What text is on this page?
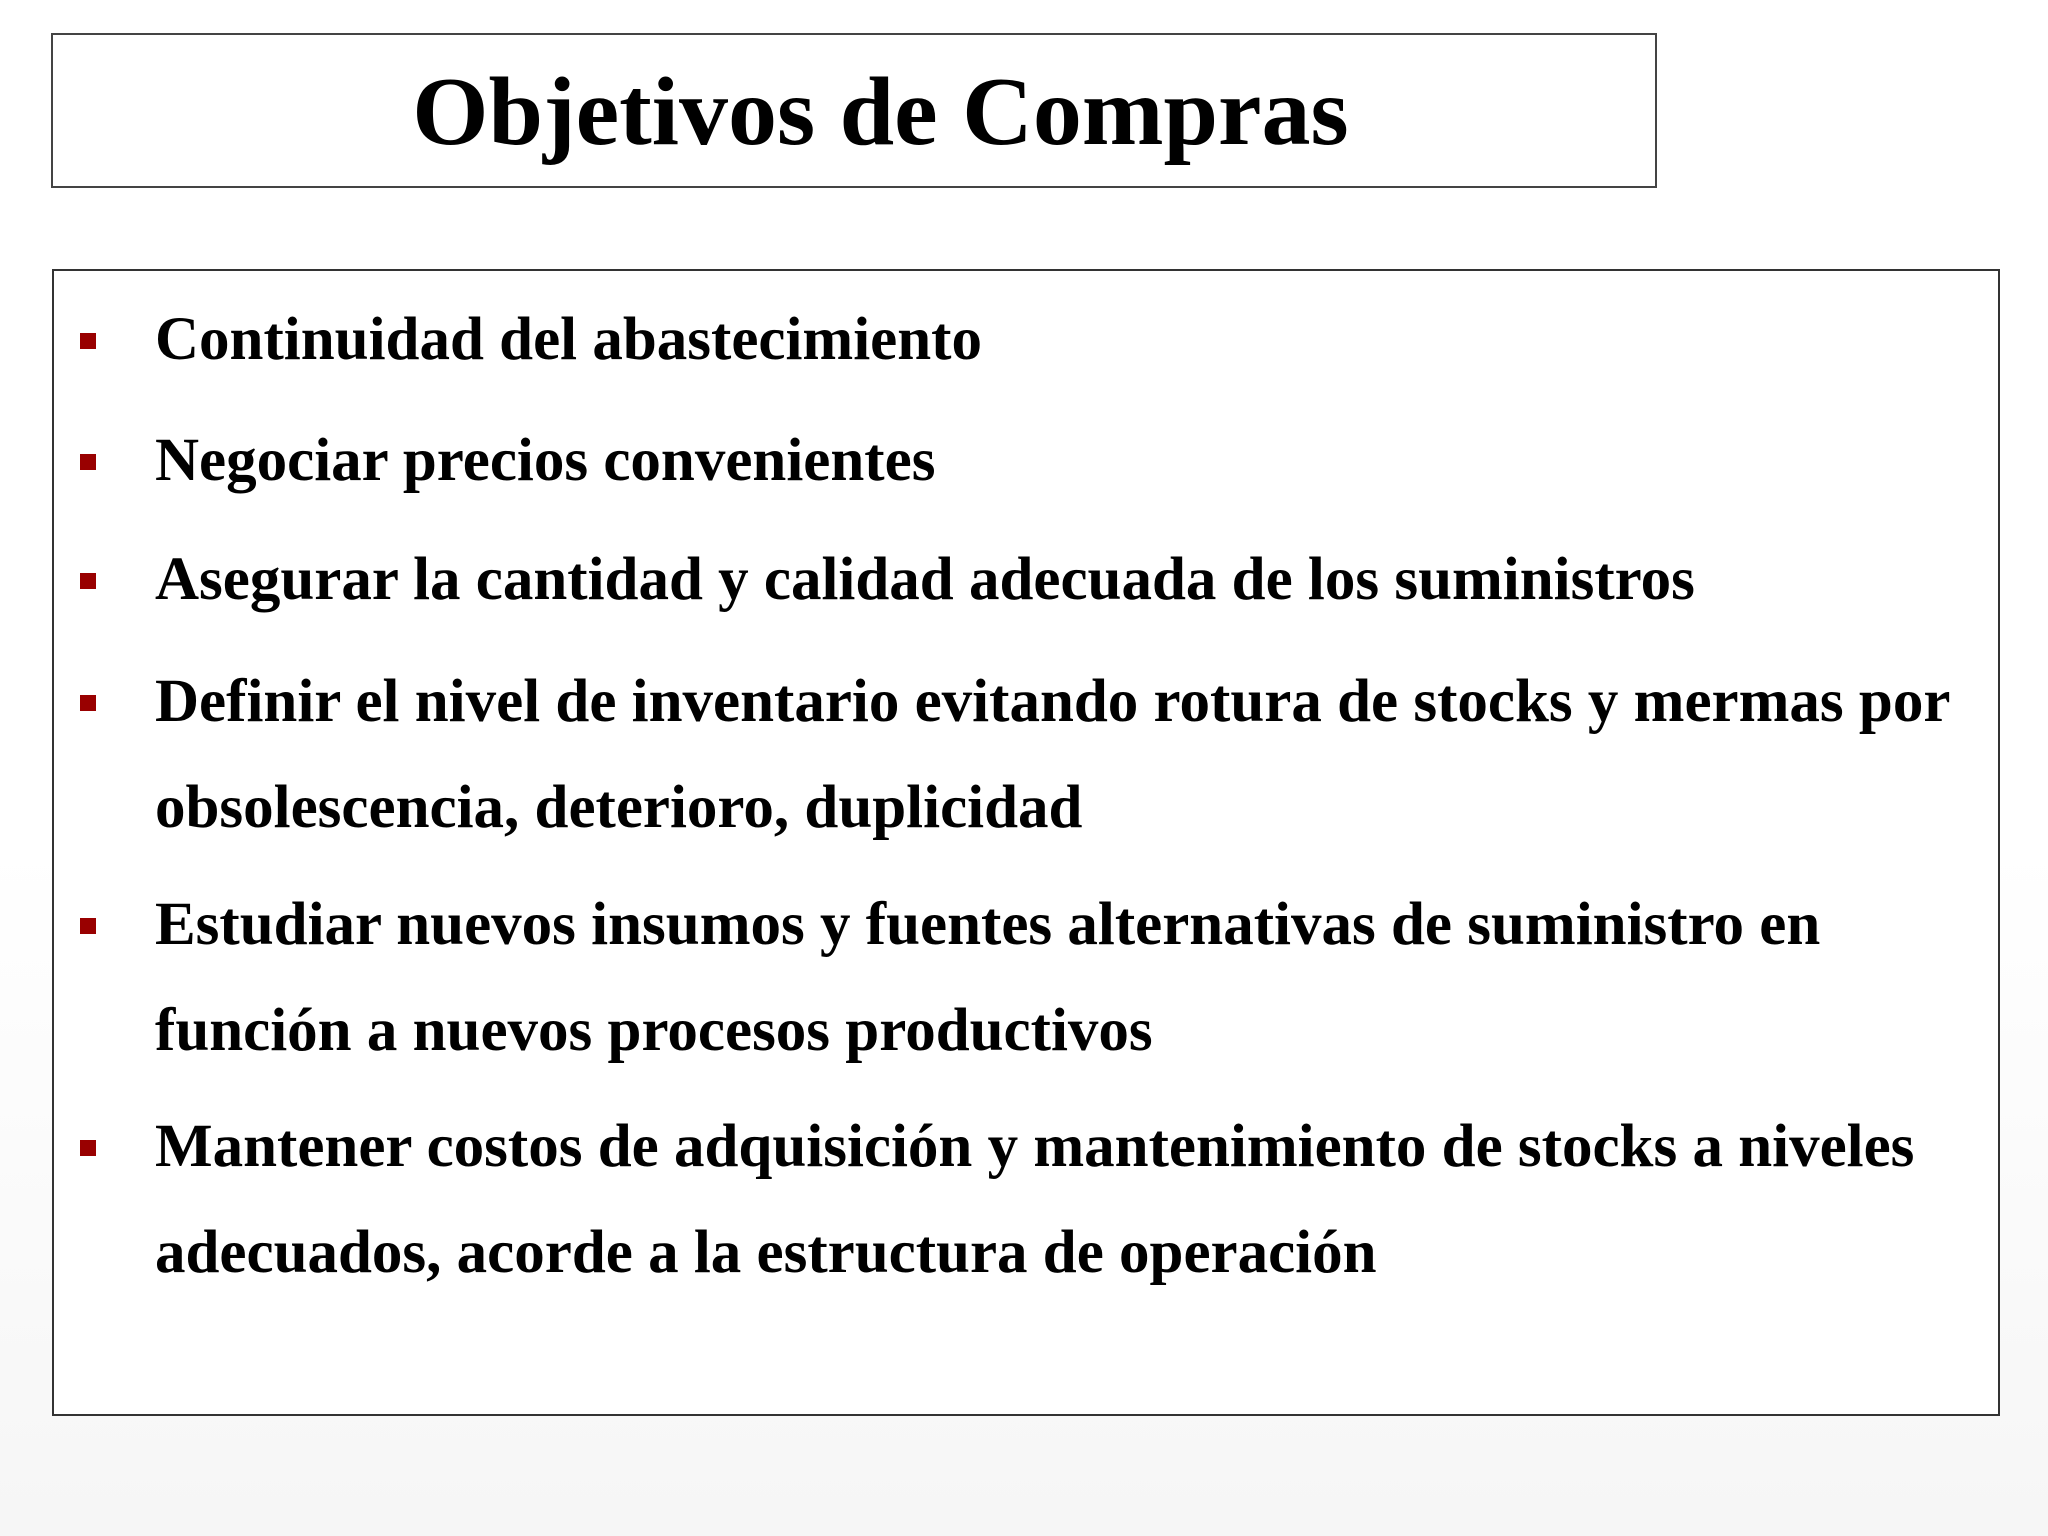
Objetivos de Compras
Continuidad del abastecimiento
Negociar precios convenientes
Asegurar la cantidad y calidad adecuada de los suministros
Definir el nivel de inventario evitando rotura de stocks y mermas por obsolescencia, deterioro, duplicidad
Estudiar nuevos insumos y fuentes alternativas de suministro en función a nuevos procesos productivos
Mantener costos de adquisición y mantenimiento de stocks a niveles adecuados, acorde a la estructura de operación
